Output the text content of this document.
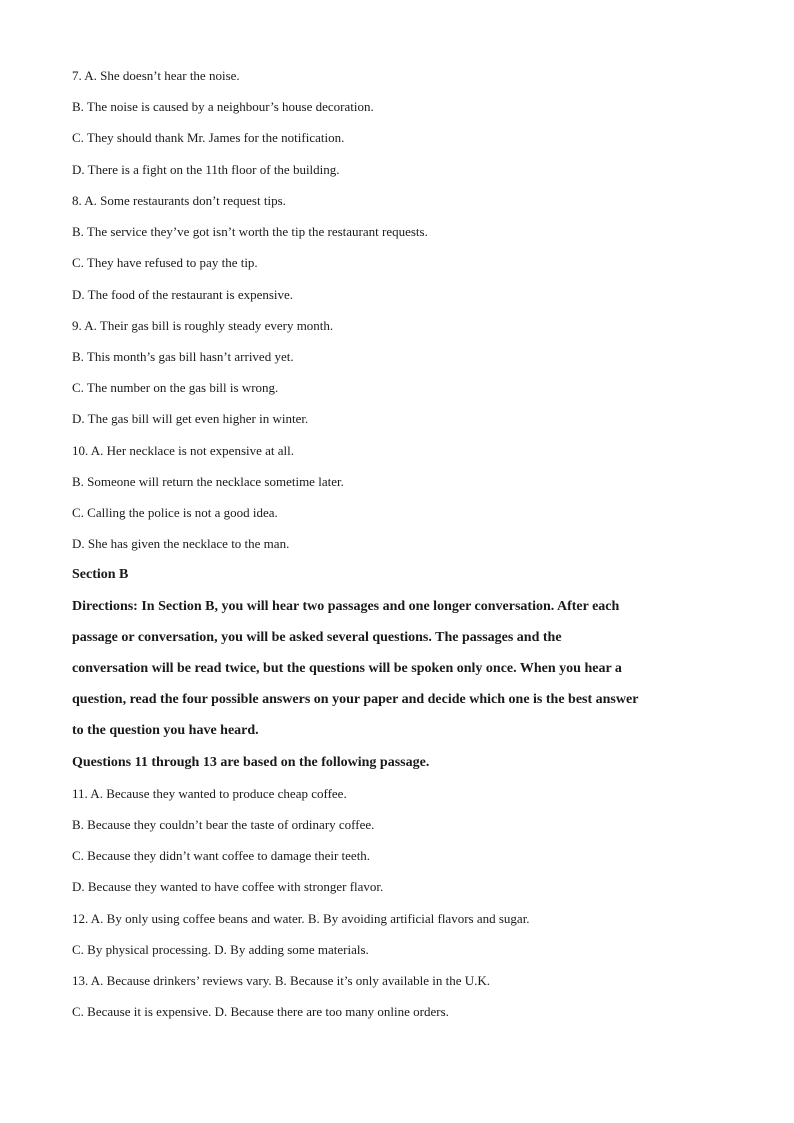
7. A. She doesn’t hear the noise.

B. The noise is caused by a neighbour’s house decoration.

C. They should thank Mr. James for the notification.

D. There is a fight on the 11th floor of the building.

8. A. Some restaurants don’t request tips.

B. The service they’ve got isn’t worth the tip the restaurant requests.

C. They have refused to pay the tip.

D. The food of the restaurant is expensive.

9. A. Their gas bill is roughly steady every month.

B. This month’s gas bill hasn’t arrived yet.

C. The number on the gas bill is wrong.

D. The gas bill will get even higher in winter.

10. A. Her necklace is not expensive at all.

B. Someone will return the necklace sometime later.

C. Calling the police is not a good idea.

D. She has given the necklace to the man.

Section B

Directions: In Section B, you will hear two passages and one longer conversation. After each

passage or conversation, you will be asked several questions. The passages and the

conversation will be read twice, but the questions will be spoken only once. When you hear a

question, read the four possible answers on your paper and decide which one is the best answer

to the question you have heard.

Questions 11 through 13 are based on the following passage.

11. A. Because they wanted to produce cheap coffee.

B. Because they couldn’t bear the taste of ordinary coffee.

C. Because they didn’t want coffee to damage their teeth.

D. Because they wanted to have coffee with stronger flavor.

12. A. By only using coffee beans and water. B. By avoiding artificial flavors and sugar.

C. By physical processing. D. By adding some materials.

13. A. Because drinkers’ reviews vary. B. Because it’s only available in the U.K.

C. Because it is expensive. D. Because there are too many online orders.
